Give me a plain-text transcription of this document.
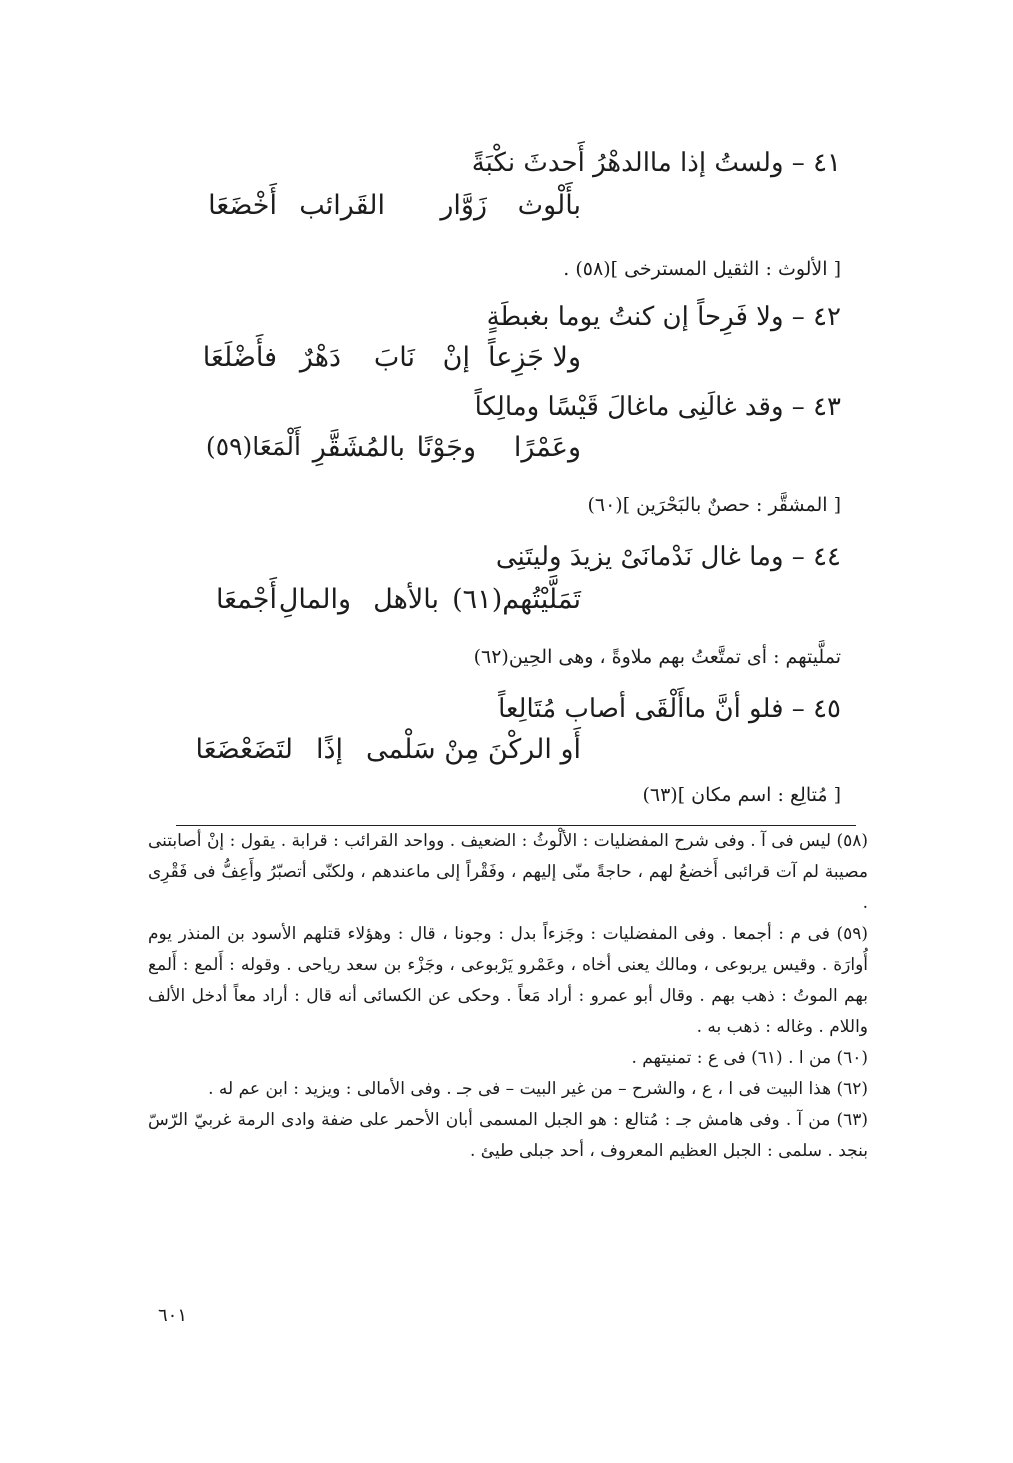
٤١ – ولستُ إذا ماالدهْرُ أَحدثَ نكْبَةً
بأَلْوث
زَوَّار
القَرائب
أَخْضَعَا
[ الألوث : الثقيل المسترخى ](٥٨) .
٤٢ – ولا فَرِحاً إن كنتُ يوما بغبطَةٍ
ولا جَزِعاً
إنْ
نَابَ
دَهْرٌ
فأَضْلَعَا
٤٣ – وقد غالَنِى ماغالَ قَيْسًا ومالِكاً
وعَمْرًا
وجَوْنًا
بالمُشَقَّرِ
أَلْمَعَا(٥٩)
[ المشقَّر : حصنٌ بالبَحْرَين ](٦٠)
٤٤ – وما غال نَدْمانَىْ يزيدَ وليتَنِى
تَمَلَّيْتُهم(٦١)
بالأهل
والمالِ
أَجْمعَا
تملَّيتهم : أى تمتَّعتُ بهم ملاوةً ، وهى الحِين(٦٢)
٤٥ – فلو أنَّ ماأَلْقَى أصاب مُتَالِعاً
أَو الركْنَ مِنْ سَلْمى
إذًا
لتَضَعْضَعَا
[ مُتالِع : اسم مكان ](٦٣)

(٥٨) ليس فى آ . وفى شرح المفضليات : الألْوثُ : الضعيف . وواحد القرائب : قرابة . يقول : إنْ أصابتنى مصيبة لم آت قرائبى أَخضعُ لهم ، حاجةً منّى إليهم ، وفَقْراً إلى ماعندهم ، ولكنّى أتصبّرُ وأَعِفُّ فى فَقْرِى .

(٥٩) فى م : أجمعا . وفى المفضليات : وجَزءاً بدل : وجونا ، قال : وهؤلاء قتلهم الأسود بن المنذر يوم أُوارَة . وقيس يربوعى ، ومالك يعنى أخاه ، وعَمْرو يَرْبوعى ، وجَزْء بن سعد رياحى . وقوله : أَلمع : أَلمع بهم الموتُ : ذهب بهم . وقال أبو عمرو : أراد مَعاً . وحكى عن الكسائى أنه قال : أراد معاً أدخل الألف واللام . وغاله : ذهب به .

(٦٠) من ا . (٦١) فى ع : تمنيتهم .

(٦٢) هذا البيت فى ا ، ع ، والشرح – من غير البيت – فى جـ . وفى الأمالى : ويزيد : ابن عم له .

(٦٣) من آ . وفى هامش جـ : مُتالع : هو الجبل المسمى أبان الأحمر على ضفة وادى الرمة غربيّ الرّسّ بنجد . سلمى : الجبل العظيم المعروف ، أحد جبلى طيئ .

٦٠١
